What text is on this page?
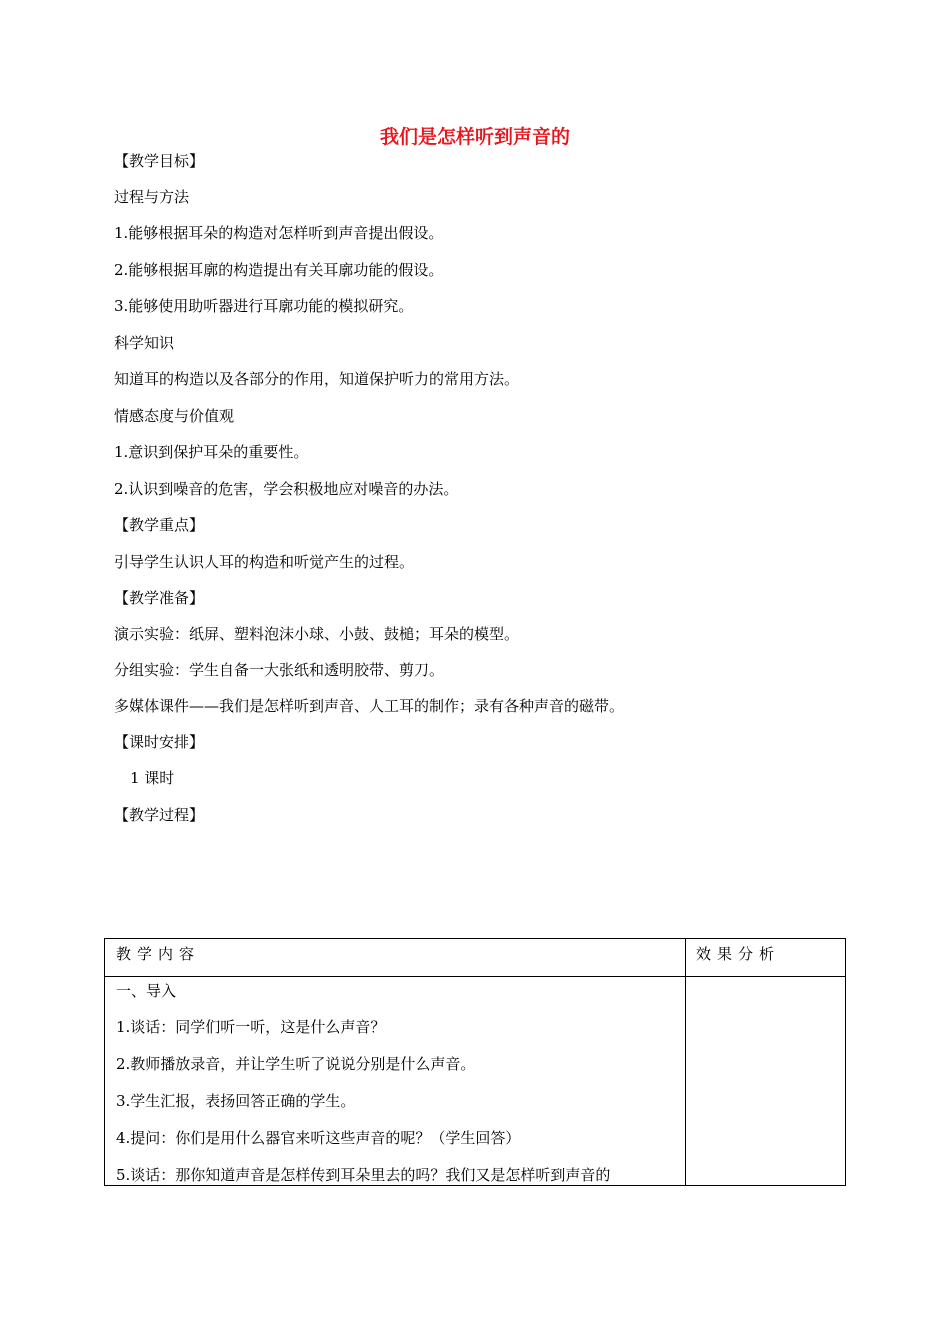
我们是怎样听到声音的
【教学目标】
过程与方法
1.能够根据耳朵的构造对怎样听到声音提出假设。
2.能够根据耳廓的构造提出有关耳廓功能的假设。
3.能够使用助听器进行耳廓功能的模拟研究。
科学知识
知道耳的构造以及各部分的作用，知道保护听力的常用方法。
情感态度与价值观
1.意识到保护耳朵的重要性。
2.认识到噪音的危害，学会积极地应对噪音的办法。
【教学重点】
引导学生认识人耳的构造和听觉产生的过程。
【教学准备】
演示实验：纸屏、塑料泡沫小球、小鼓、鼓槌；耳朵的模型。
分组实验：学生自备一大张纸和透明胶带、剪刀。
多媒体课件——我们是怎样听到声音、人工耳的制作；录有各种声音的磁带。
【课时安排】
1 课时
【教学过程】
教学内容	效果分析
一、导入
1.谈话：同学们听一听，这是什么声音？
2.教师播放录音，并让学生听了说说分别是什么声音。
3.学生汇报，表扬回答正确的学生。
4.提问：你们是用什么器官来听这些声音的呢？（学生回答）
5.谈话：那你知道声音是怎样传到耳朵里去的吗？我们又是怎样听到声音的
